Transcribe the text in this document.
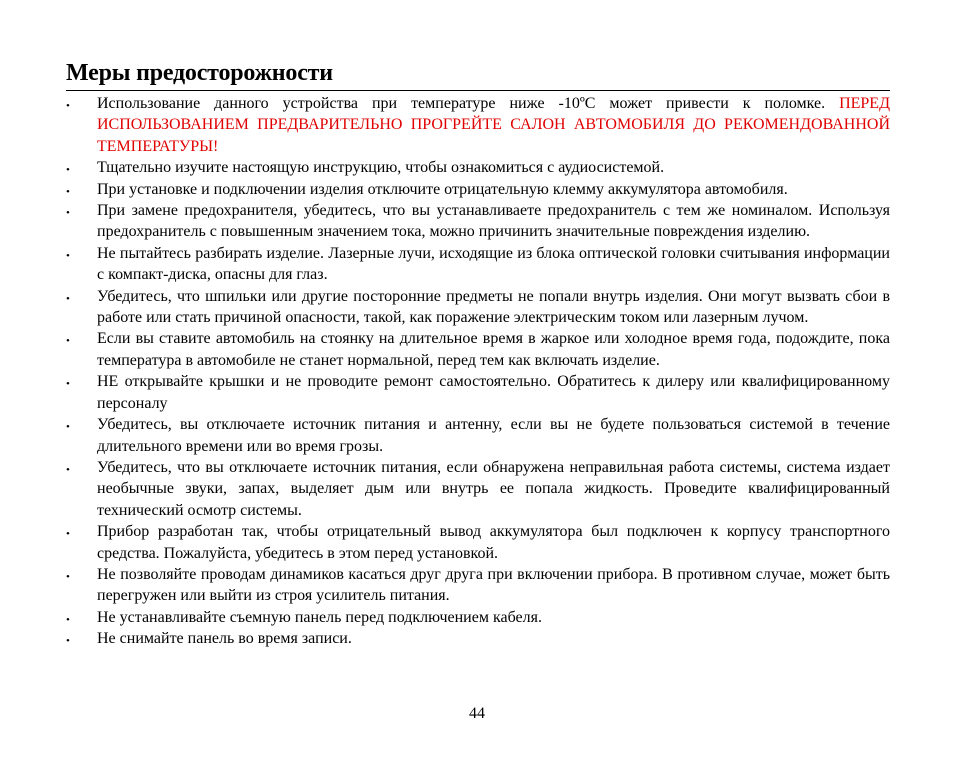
Меры предосторожности
•	Использование данного устройства при температуре ниже -10ºC может привести к поломке. ПЕРЕД ИСПОЛЬЗОВАНИЕМ ПРЕДВАРИТЕЛЬНО ПРОГРЕЙТЕ САЛОН АВТОМОБИЛЯ ДО РЕКОМЕНДОВАННОЙ ТЕМПЕРАТУРЫ!
•	Тщательно изучите настоящую инструкцию, чтобы ознакомиться с аудиосистемой.
•	При установке и подключении изделия отключите отрицательную клемму аккумулятора автомобиля.
•	При замене предохранителя, убедитесь, что вы устанавливаете предохранитель с тем же номиналом. Используя предохранитель с повышенным значением тока, можно причинить значительные повреждения изделию.
•	Не пытайтесь разбирать изделие. Лазерные лучи, исходящие из блока оптической головки считывания информации с компакт-диска, опасны для глаз.
•	Убедитесь, что шпильки или другие посторонние предметы не попали внутрь изделия. Они могут вызвать сбои в работе или стать причиной опасности, такой, как поражение электрическим током или лазерным лучом.
•	Если вы ставите автомобиль на стоянку на длительное время в жаркое или холодное время года, подождите, пока температура в автомобиле не станет нормальной, перед тем как включать изделие.
•	НЕ открывайте крышки и не проводите ремонт самостоятельно. Обратитесь к дилеру или квалифицированному персоналу
•	Убедитесь, вы отключаете источник питания и антенну, если вы не будете пользоваться системой в течение длительного времени или во время грозы.
•	Убедитесь, что вы отключаете источник питания, если обнаружена неправильная работа системы, система издает необычные звуки, запах, выделяет дым или внутрь ее попала жидкость. Проведите квалифицированный технический осмотр системы.
•	Прибор разработан так, чтобы отрицательный вывод аккумулятора был подключен к корпусу транспортного средства. Пожалуйста, убедитесь в этом перед установкой.
•	Не позволяйте проводам динамиков касаться друг друга при включении прибора. В противном случае, может быть перегружен или выйти из строя усилитель питания.
•	Не устанавливайте съемную панель перед подключением кабеля.
•	Не снимайте панель во время записи.
44
